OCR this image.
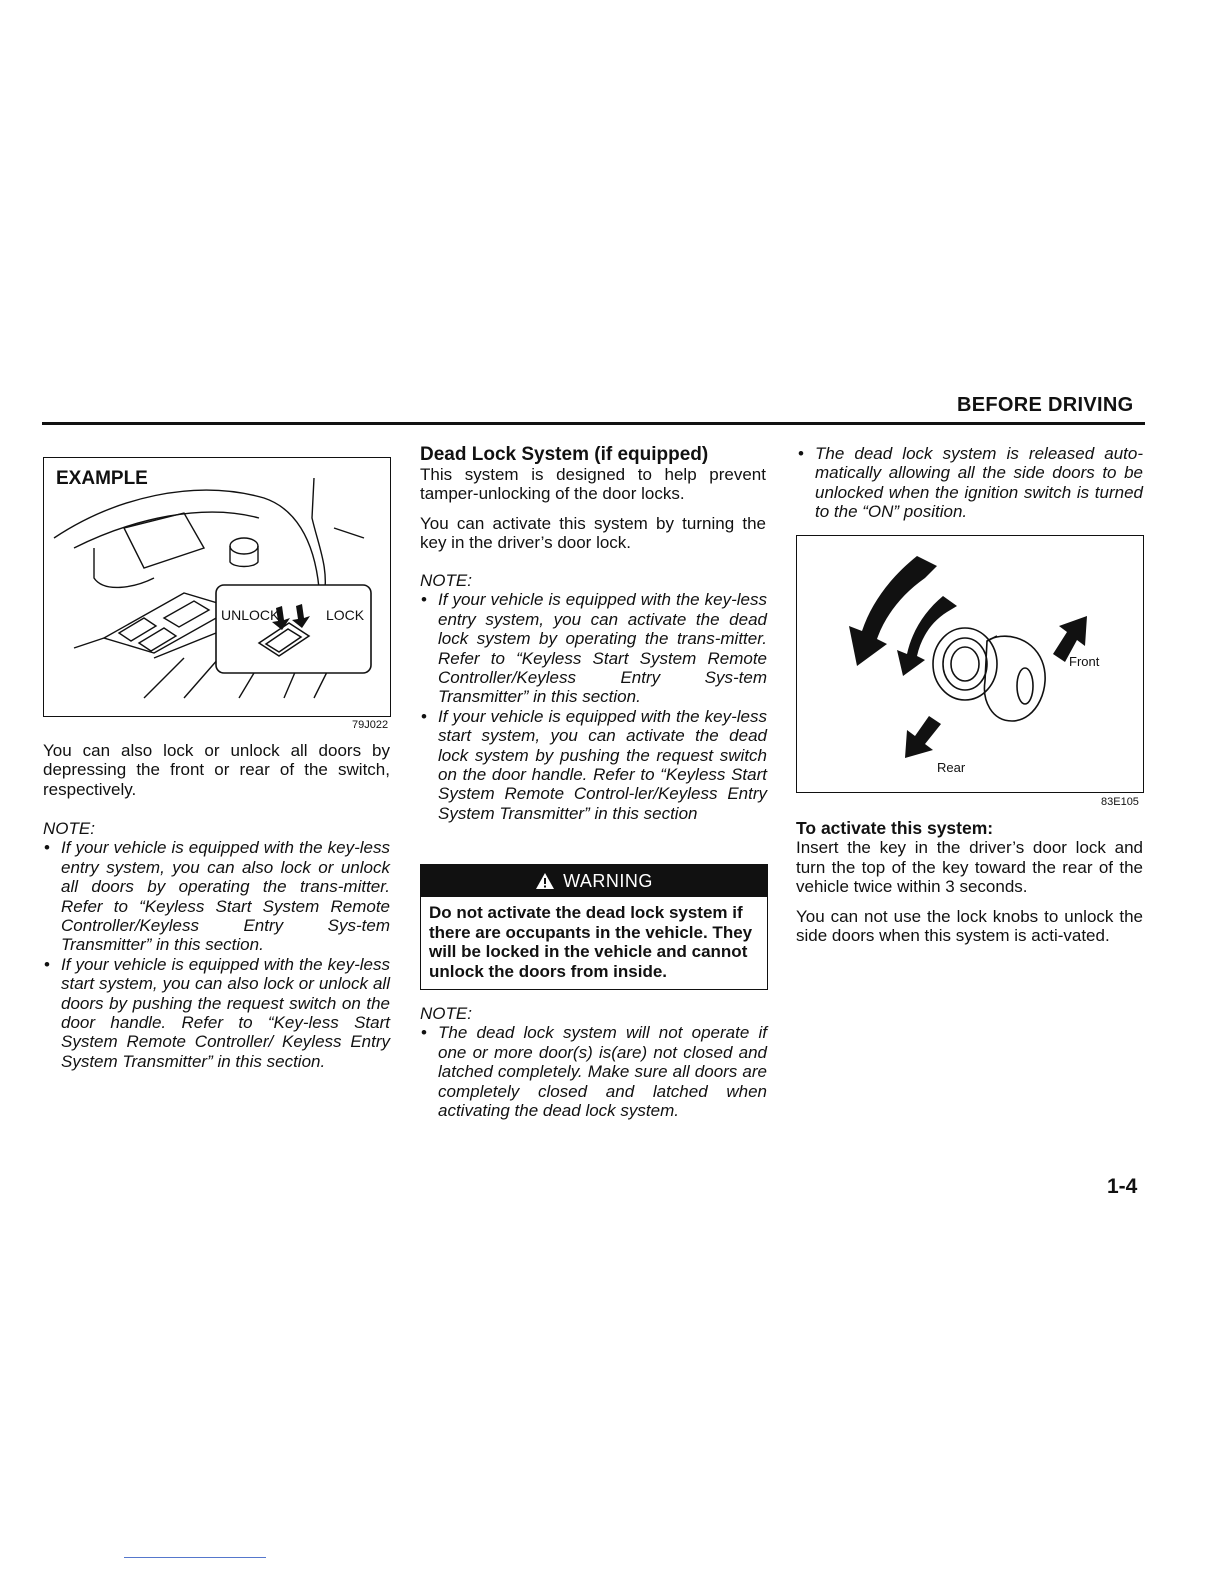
BEFORE DRIVING
UNLOCK	LOCK
EXAMPLE
79J022

You can also lock or unlock all doors by depressing the front or rear of the switch, respectively.

NOTE:

• If your vehicle is equipped with the key-less entry system, you can also lock or unlock all doors by operating the trans-mitter. Refer to “Keyless Start System Remote Controller/Keyless Entry Sys-tem Transmitter” in this section.
• If your vehicle is equipped with the key-less start system, you can also lock or unlock all doors by pushing the request switch on the door handle. Refer to “Key-less Start System Remote Controller/ Keyless Entry System Transmitter” in this section.
Dead Lock System (if equipped)

This system is designed to help prevent tamper-unlocking of the door locks.

You can activate this system by turning the key in the driver’s door lock.

NOTE:

• If your vehicle is equipped with the key-less entry system, you can activate the dead lock system by operating the trans-mitter. Refer to “Keyless Start System Remote Controller/Keyless Entry Sys-tem Transmitter” in this section.
• If your vehicle is equipped with the key-less start system, you can activate the dead lock system by pushing the request switch on the door handle. Refer to “Keyless Start System Remote Control-ler/Keyless Entry System Transmitter” in this section
WARNING
Do not activate the dead lock system if there are occupants in the vehicle. They will be locked in the vehicle and cannot unlock the doors from inside.

NOTE:

• The dead lock system will not operate if one or more door(s) is(are) not closed and latched completely. Make sure all doors are completely closed and latched when activating the dead lock system.
• The dead lock system is released auto-matically allowing all the side doors to be unlocked when the ignition switch is turned to the “ON” position.
Front
Rear
83E105

To activate this system:

Insert the key in the driver’s door lock and turn the top of the key toward the rear of the vehicle twice within 3 seconds.

You can not use the lock knobs to unlock the side doors when this system is acti-vated.

1-4
